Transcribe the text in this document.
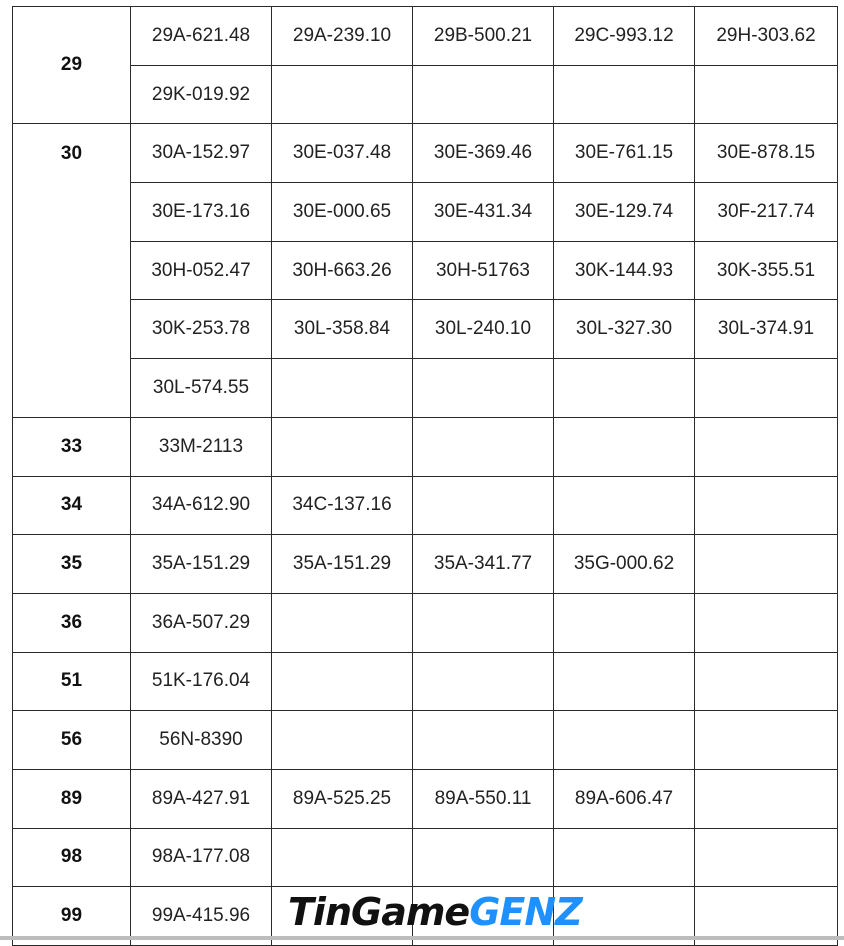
29	29A-621.48	29A-239.10	29B-500.21	29C-993.12	29H-303.62
	29K-019.92				
30	30A-152.97	30E-037.48	30E-369.46	30E-761.15	30E-878.15
	30E-173.16	30E-000.65	30E-431.34	30E-129.74	30F-217.74
	30H-052.47	30H-663.26	30H-51763	30K-144.93	30K-355.51
	30K-253.78	30L-358.84	30L-240.10	30L-327.30	30L-374.91
	30L-574.55				
33	33M-2113				
34	34A-612.90	34C-137.16			
35	35A-151.29	35A-151.29	35A-341.77	35G-000.62	
36	36A-507.29				
51	51K-176.04				
56	56N-8390				
89	89A-427.91	89A-525.25	89A-550.11	89A-606.47	
98	98A-177.08				
99	99A-415.96				TinGame GENZ
